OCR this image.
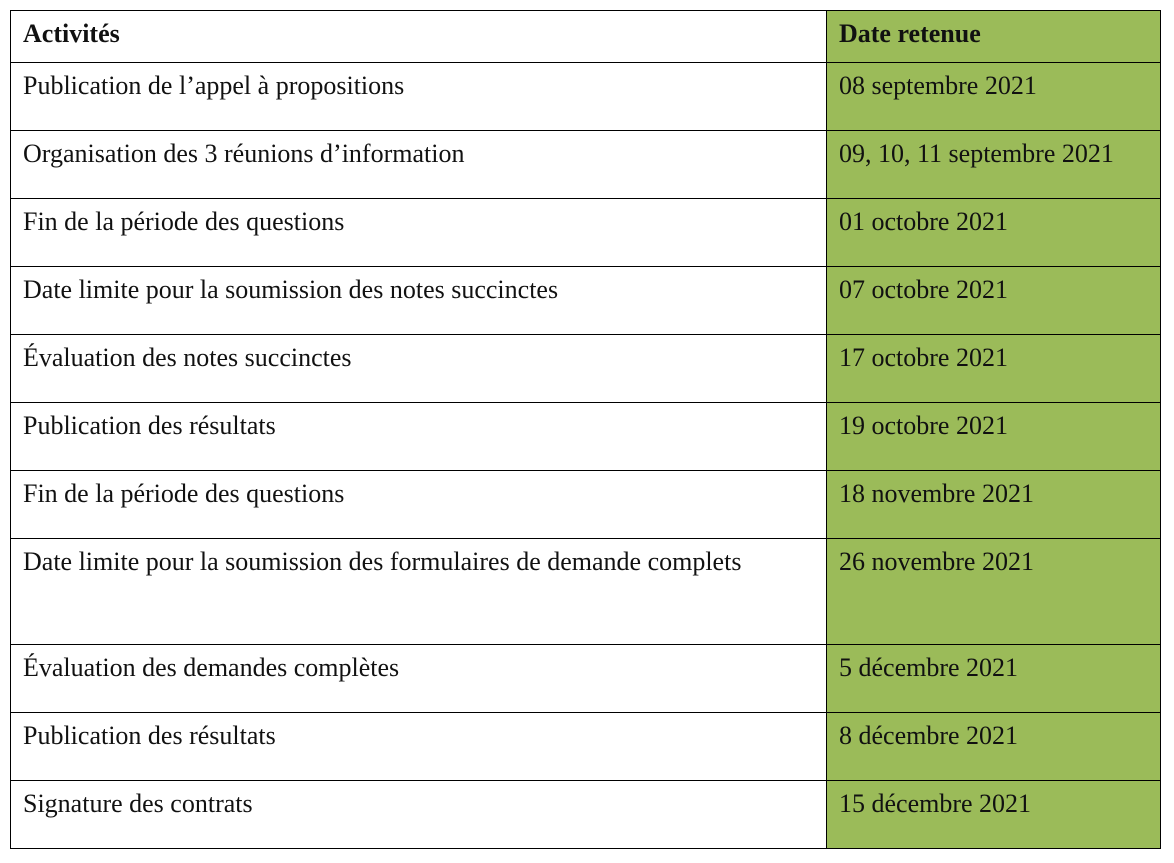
Activités	Date retenue
Publication de l’appel à propositions	08 septembre 2021
Organisation des 3 réunions d’information	09, 10, 11 septembre 2021
Fin de la période des questions	01 octobre 2021
Date limite pour la soumission des notes succinctes	07 octobre 2021
Évaluation des notes succinctes	17 octobre 2021
Publication des résultats	19 octobre 2021
Fin de la période des questions	18 novembre 2021
Date limite pour la soumission des formulaires de demande complets	26 novembre 2021
Évaluation des demandes complètes	5 décembre 2021
Publication des résultats	8 décembre 2021
Signature des contrats	15 décembre 2021
